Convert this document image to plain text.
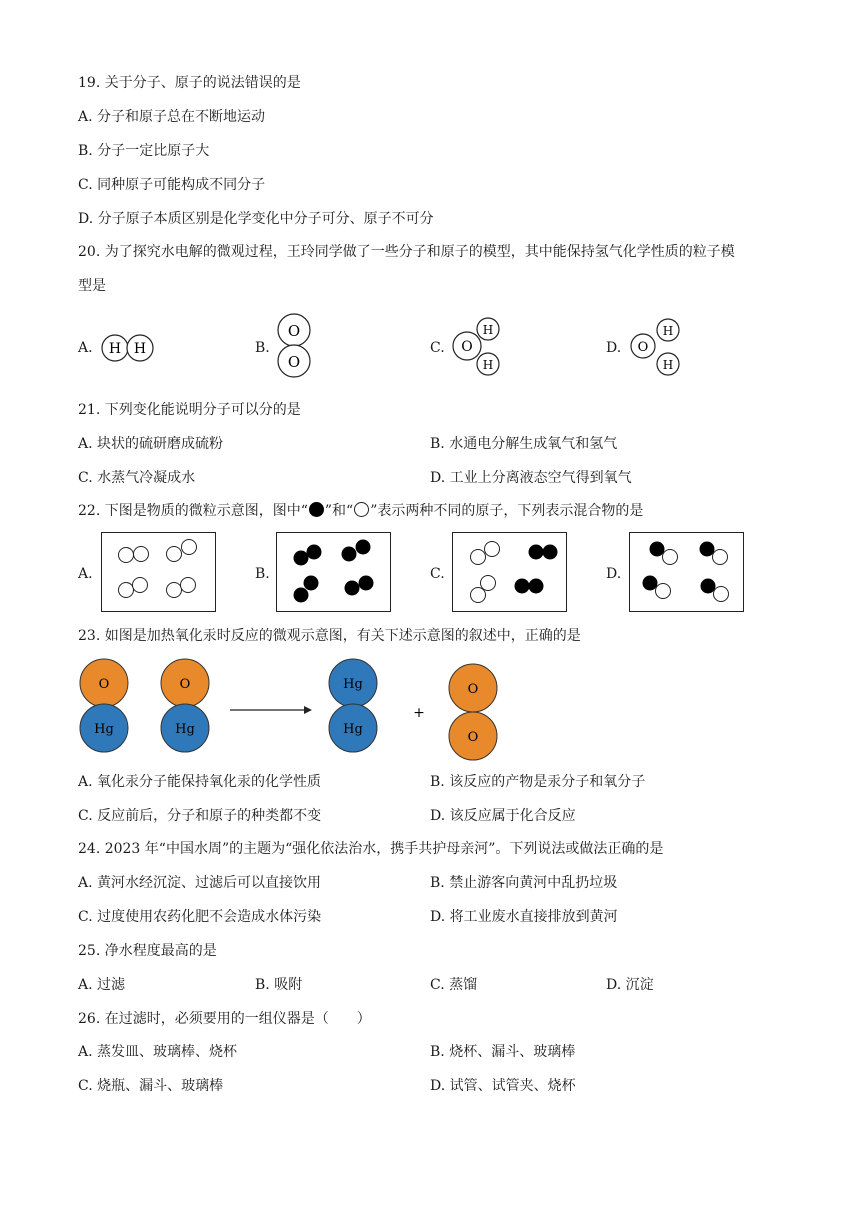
19. 关于分子、原子的说法错误的是
A. 分子和原子总在不断地运动
B. 分子一定比原子大
C. 同种原子可能构成不同分子
D. 分子原子本质区别是化学变化中分子可分、原子不可分
20. 为了探究水电解的微观过程，王玲同学做了一些分子和原子的模型，其中能保持氢气化学性质的粒子模
型是
A.	B.	C.	D.
H H
O
O
O
H
H
O
H
H
21. 下列变化能说明分子可以分的是
A. 块状的硫研磨成硫粉	B. 水通电分解生成氧气和氢气
C. 水蒸气冷凝成水	D. 工业上分离液态空气得到氧气
22. 下图是物质的微粒示意图，图中“ ”和“ ”表示两种不同的原子，下列表示混合物的是
A.	B.	C.	D.
23. 如图是加热氧化汞时反应的微观示意图，有关下述示意图的叙述中，正确的是
O
Hg
O
Hg
Hg
Hg
+
O
O
A. 氧化汞分子能保持氧化汞的化学性质	B. 该反应的产物是汞分子和氧分子
C. 反应前后，分子和原子的种类都不变	D. 该反应属于化合反应
24. 2023 年“中国水周”的主题为“强化依法治水，携手共护母亲河”。下列说法或做法正确的是
A. 黄河水经沉淀、过滤后可以直接饮用	B. 禁止游客向黄河中乱扔垃圾
C. 过度使用农药化肥不会造成水体污染	D. 将工业废水直接排放到黄河
25. 净水程度最高的是
A. 过滤	B. 吸附	C. 蒸馏	D. 沉淀
26. 在过滤时，必须要用的一组仪器是（　　）
A. 蒸发皿、玻璃棒、烧杯	B. 烧杯、漏斗、玻璃棒
C. 烧瓶、漏斗、玻璃棒	D. 试管、试管夹、烧杯
